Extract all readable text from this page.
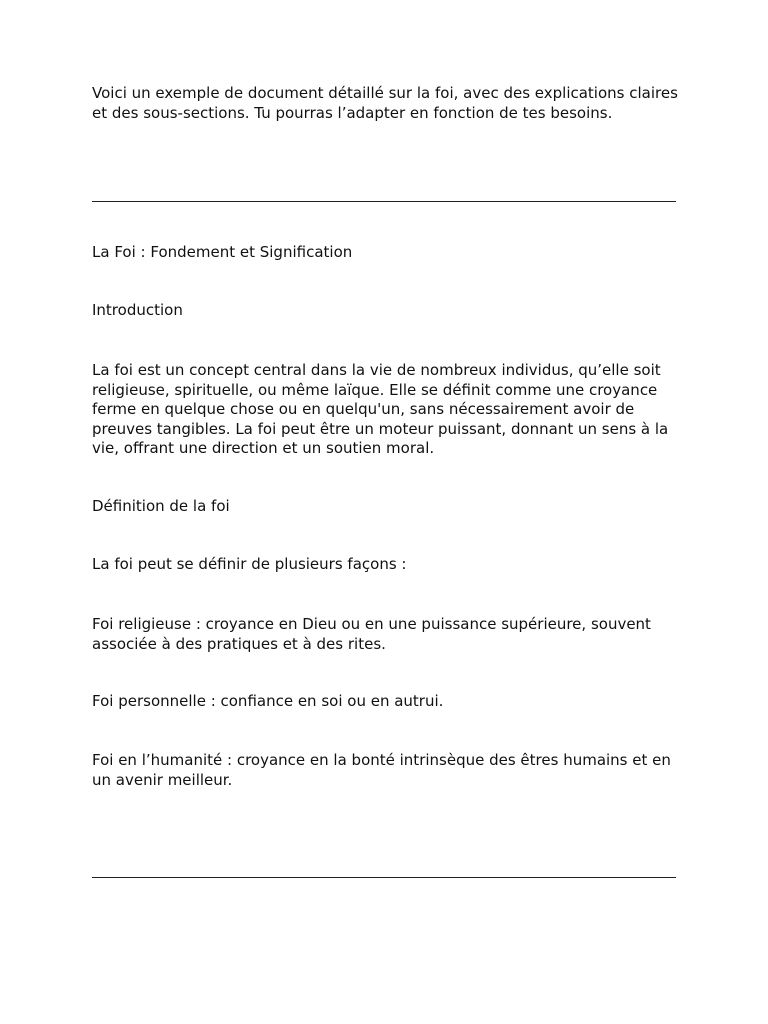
Voici un exemple de document détaillé sur la foi, avec des explications claires et des sous-sections. Tu pourras l’adapter en fonction de tes besoins.

La Foi : Fondement et Signification

Introduction

La foi est un concept central dans la vie de nombreux individus, qu’elle soit religieuse, spirituelle, ou même laïque. Elle se définit comme une croyance ferme en quelque chose ou en quelqu'un, sans nécessairement avoir de preuves tangibles. La foi peut être un moteur puissant, donnant un sens à la vie, offrant une direction et un soutien moral.

Définition de la foi

La foi peut se définir de plusieurs façons :

Foi religieuse : croyance en Dieu ou en une puissance supérieure, souvent associée à des pratiques et à des rites.

Foi personnelle : confiance en soi ou en autrui.

Foi en l’humanité : croyance en la bonté intrinsèque des êtres humains et en un avenir meilleur.
